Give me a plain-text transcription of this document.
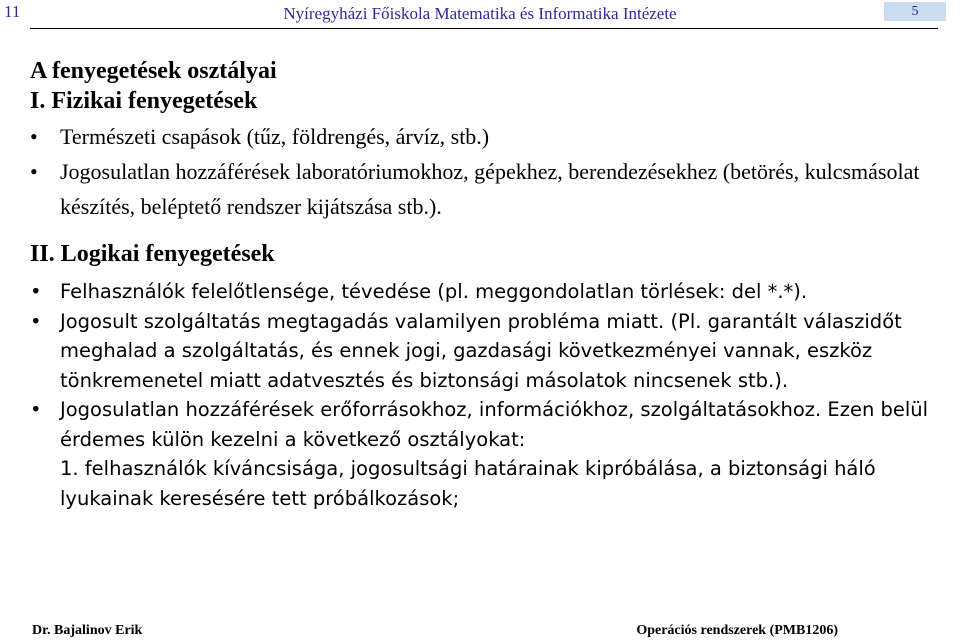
11	Nyíregyházi Főiskola Matematika és Informatika Intézete	5
A fenyegetések osztályai
I. Fizikai fenyegetések
• Természeti csapások (tűz, földrengés, árvíz, stb.)
• Jogosulatlan hozzáférések laboratóriumokhoz, gépekhez, berendezésekhez (betörés, kulcsmásolat készítés, beléptető rendszer kijátszása stb.).
II. Logikai fenyegetések
• Felhasználók felelőtlensége, tévedése (pl. meggondolatlan törlések: del *.*).
• Jogosult szolgáltatás megtagadás valamilyen probléma miatt. (Pl. garantált válaszidőt meghalad a szolgáltatás, és ennek jogi, gazdasági következményei vannak, eszköz tönkremenetel miatt adatvesztés és biztonsági másolatok nincsenek stb.).
• Jogosulatlan hozzáférések erőforrásokhoz, információkhoz, szolgáltatásokhoz. Ezen belül érdemes külön kezelni a következő osztályokat:
1. felhasználók kíváncsisága, jogosultsági határainak kipróbálása, a biztonsági háló lyukainak keresésére tett próbálkozások;
Dr. Bajalinov Erik	Operációs rendszerek (PMB1206)
